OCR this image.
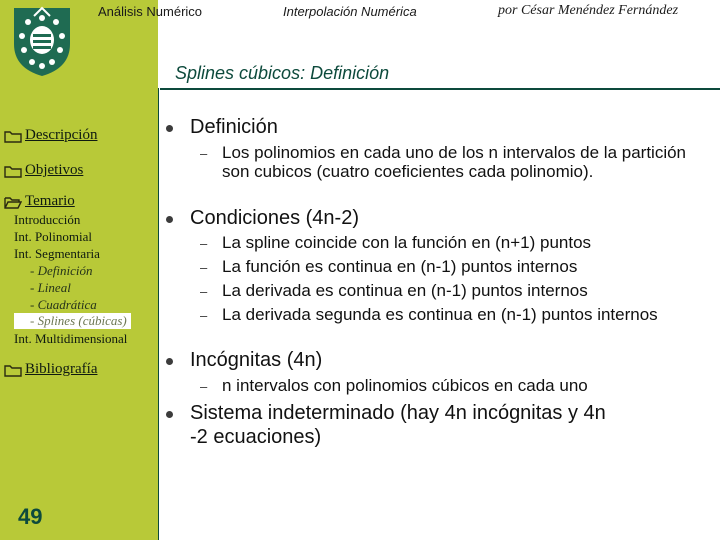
Análisis Numérico	Interpolación Numérica	por César Menéndez Fernández
Splines cúbicos: Definición
Descripción
Objetivos
Temario
Introducción
Int. Polinomial
Int. Segmentaria
- Definición
- Lineal
- Cuadrática
- Splines (cúbicas)
Int. Multidimensional
Bibliografía
49
Definición
– Los polinomios en cada uno de los n intervalos de la partición son cubicos (cuatro coeficientes cada polinomio).
Condiciones (4n-2)
– La spline coincide con la función en (n+1) puntos
– La función es continua en (n-1) puntos internos
– La derivada es continua en (n-1) puntos internos
– La derivada segunda es continua en (n-1) puntos internos
Incógnitas (4n)
– n intervalos con polinomios cúbicos en cada uno
Sistema indeterminado (hay 4n incógnitas y 4n
-2 ecuaciones)
